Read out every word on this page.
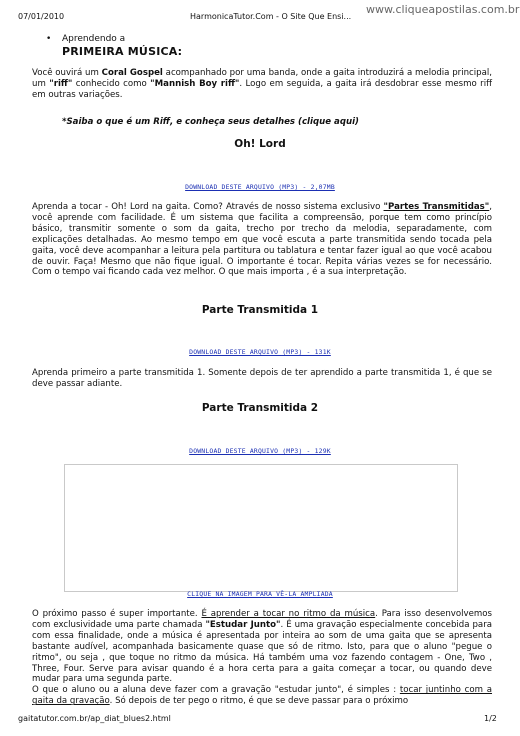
07/01/2010	HarmonicaTutor.Com - O Site Que Ensi...
www.cliqueapostilas.com.br
• Aprendendo a
PRIMEIRA MÚSICA:
Você ouvirá um Coral Gospel acompanhado por uma banda, onde a gaita introduzirá a melodia principal, um "riff" conhecido como "Mannish Boy riff". Logo em seguida, a gaita irá desdobrar esse mesmo riff em outras variações.
*Saiba o que é um Riff, e conheça seus detalhes (clique aqui)
Oh! Lord
DOWNLOAD DESTE ARQUIVO (MP3) - 2,07MB
Aprenda a tocar - Oh! Lord na gaita. Como? Através de nosso sistema exclusivo "Partes Transmitidas", você aprende com facilidade. É um sistema que facilita a compreensão, porque tem como princípio básico, transmitir somente o som da gaita, trecho por trecho da melodia, separadamente, com explicações detalhadas. Ao mesmo tempo em que você escuta a parte transmitida sendo tocada pela gaita, você deve acompanhar a leitura pela partitura ou tablatura e tentar fazer igual ao que você acabou de ouvir. Faça! Mesmo que não fique igual. O importante é tocar. Repita várias vezes se for necessário. Com o tempo vai ficando cada vez melhor. O que mais importa , é a sua interpretação.
Parte Transmitida 1
DOWNLOAD DESTE ARQUIVO (MP3) - 131K
Aprenda primeiro a parte transmitida 1. Somente depois de ter aprendido a parte transmitida 1, é que se deve passar adiante.
Parte Transmitida 2
DOWNLOAD DESTE ARQUIVO (MP3) - 129K
CLIQUE NA IMAGEM PARA VÊ-LA AMPLIADA
O próximo passo é super importante. É aprender a tocar no ritmo da música. Para isso desenvolvemos com exclusividade uma parte chamada "Estudar Junto". É uma gravação especialmente concebida para com essa finalidade, onde a música é apresentada por inteira ao som de uma gaita que se apresenta bastante audível, acompanhada basicamente quase que só de ritmo. Isto, para que o aluno "pegue o ritmo", ou seja , que toque no ritmo da música. Há também uma voz fazendo contagem - One, Two , Three, Four. Serve para avisar quando é a hora certa para a gaita começar a tocar, ou quando deve mudar para uma segunda parte.
O que o aluno ou a aluna deve fazer com a gravação "estudar junto", é simples : tocar juntinho com a gaita da gravação. Só depois de ter pego o ritmo, é que se deve passar para o próximo
gaitatutor.com.br/ap_diat_blues2.html	1/2
